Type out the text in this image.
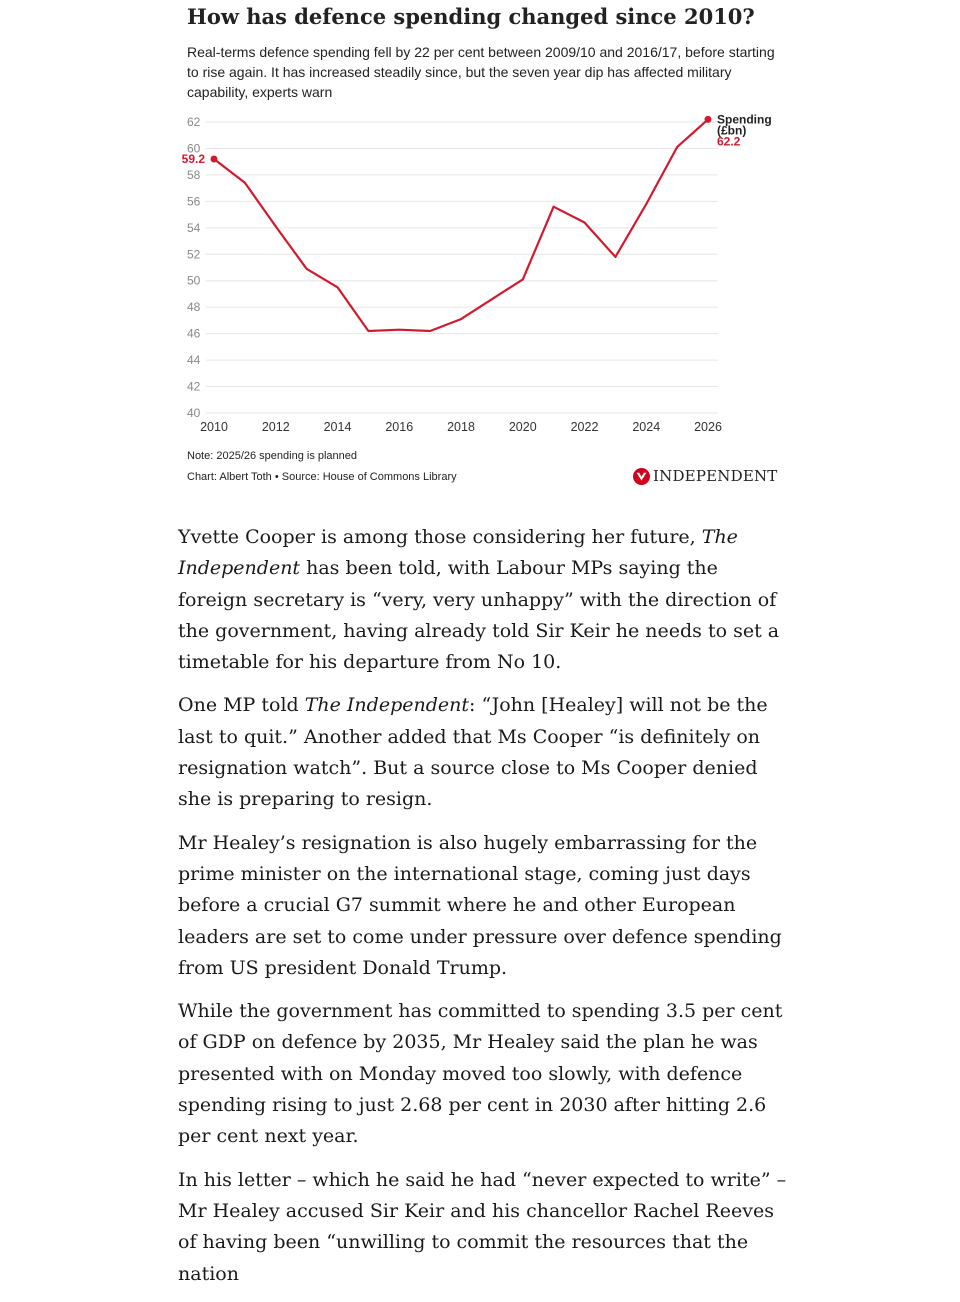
How has defence spending changed since 2010?
Real-terms defence spending fell by 22 per cent between 2009/10 and 2016/17, before starting to rise again. It has increased steadily since, but the seven year dip has affected military capability, experts warn
40
42
44
46
48
50
52
54
56
58
60
62
2010	2012	2014	2016	2018	2020	2022	2024	2026
59.2
Spending
(£bn)
62.2
Note: 2025/26 spending is planned
Chart: Albert Toth • Source: House of Commons Library	INDEPENDENT

Yvette Cooper is among those considering her future, The Independent has been told, with Labour MPs saying the foreign secretary is “very, very unhappy” with the direction of the government, having already told Sir Keir he needs to set a timetable for his departure from No 10.

One MP told The Independent: “John [Healey] will not be the last to quit.” Another added that Ms Cooper “is definitely on resignation watch”. But a source close to Ms Cooper denied she is preparing to resign.

Mr Healey’s resignation is also hugely embarrassing for the prime minister on the international stage, coming just days before a crucial G7 summit where he and other European leaders are set to come under pressure over defence spending from US president Donald Trump.

While the government has committed to spending 3.5 per cent of GDP on defence by 2035, Mr Healey said the plan he was presented with on Monday moved too slowly, with defence spending rising to just 2.68 per cent in 2030 after hitting 2.6 per cent next year.

In his letter – which he said he had “never expected to write” – Mr Healey accused Sir Keir and his chancellor Rachel Reeves of having been “unwilling to commit the resources that the nation
